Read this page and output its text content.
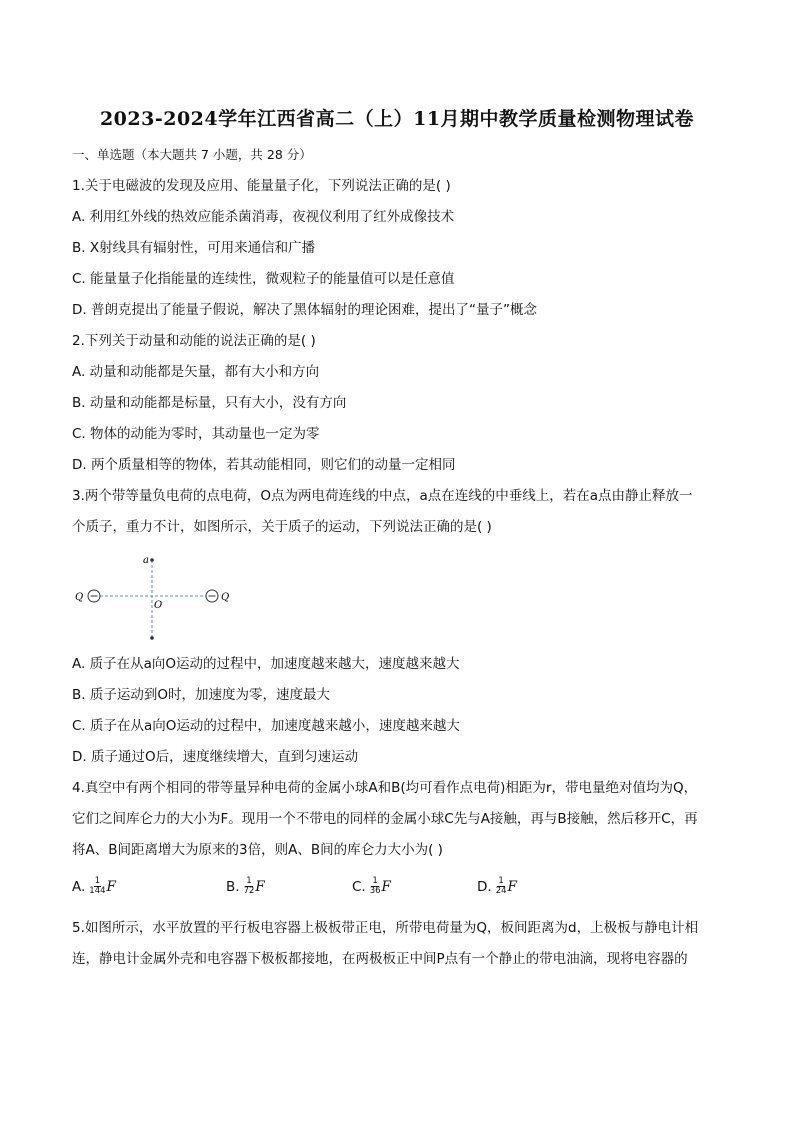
2023-2024学年江西省高二（上）11月期中教学质量检测物理试卷
一、单选题（本大题共 7 小题，共 28 分）
1.关于电磁波的发现及应用、能量量子化，下列说法正确的是( )
A. 利用红外线的热效应能杀菌消毒，夜视仪利用了红外成像技术
B. X射线具有辐射性，可用来通信和广播
C. 能量量子化指能量的连续性，微观粒子的能量值可以是任意值
D. 普朗克提出了能量子假说，解决了黑体辐射的理论困难，提出了“量子”概念
2.下列关于动量和动能的说法正确的是( )
A. 动量和动能都是矢量，都有大小和方向
B. 动量和动能都是标量，只有大小，没有方向
C. 物体的动能为零时，其动量也一定为零
D. 两个质量相等的物体，若其动能相同，则它们的动量一定相同
3.两个带等量负电荷的点电荷，O点为两电荷连线的中点，a点在连线的中垂线上，若在a点由静止释放一
个质子，重力不计，如图所示，关于质子的运动，下列说法正确的是( )
a
O
Q	Q
A. 质子在从a向O运动的过程中，加速度越来越大，速度越来越大
B. 质子运动到O时，加速度为零，速度最大
C. 质子在从a向O运动的过程中，加速度越来越小，速度越来越大
D. 质子通过O后，速度继续增大，直到匀速运动
4.真空中有两个相同的带等量异种电荷的金属小球A和B(均可看作点电荷)相距为r，带电量绝对值均为Q，
它们之间库仑力的大小为F。现用一个不带电的同样的金属小球C先与A接触，再与B接触，然后移开C，再
将A、B间距离增大为原来的3倍，则A、B间的库仑力大小为( )
A. $\frac{1}{144}$ F	B. $\frac{1}{72}$ F	C. $\frac{1}{36}$ F	D. $\frac{1}{24}$ F
5.如图所示，水平放置的平行板电容器上极板带正电，所带电荷量为Q，板间距离为d，上极板与静电计相
连，静电计金属外壳和电容器下极板都接地，在两极板正中间P点有一个静止的带电油滴，现将电容器的
